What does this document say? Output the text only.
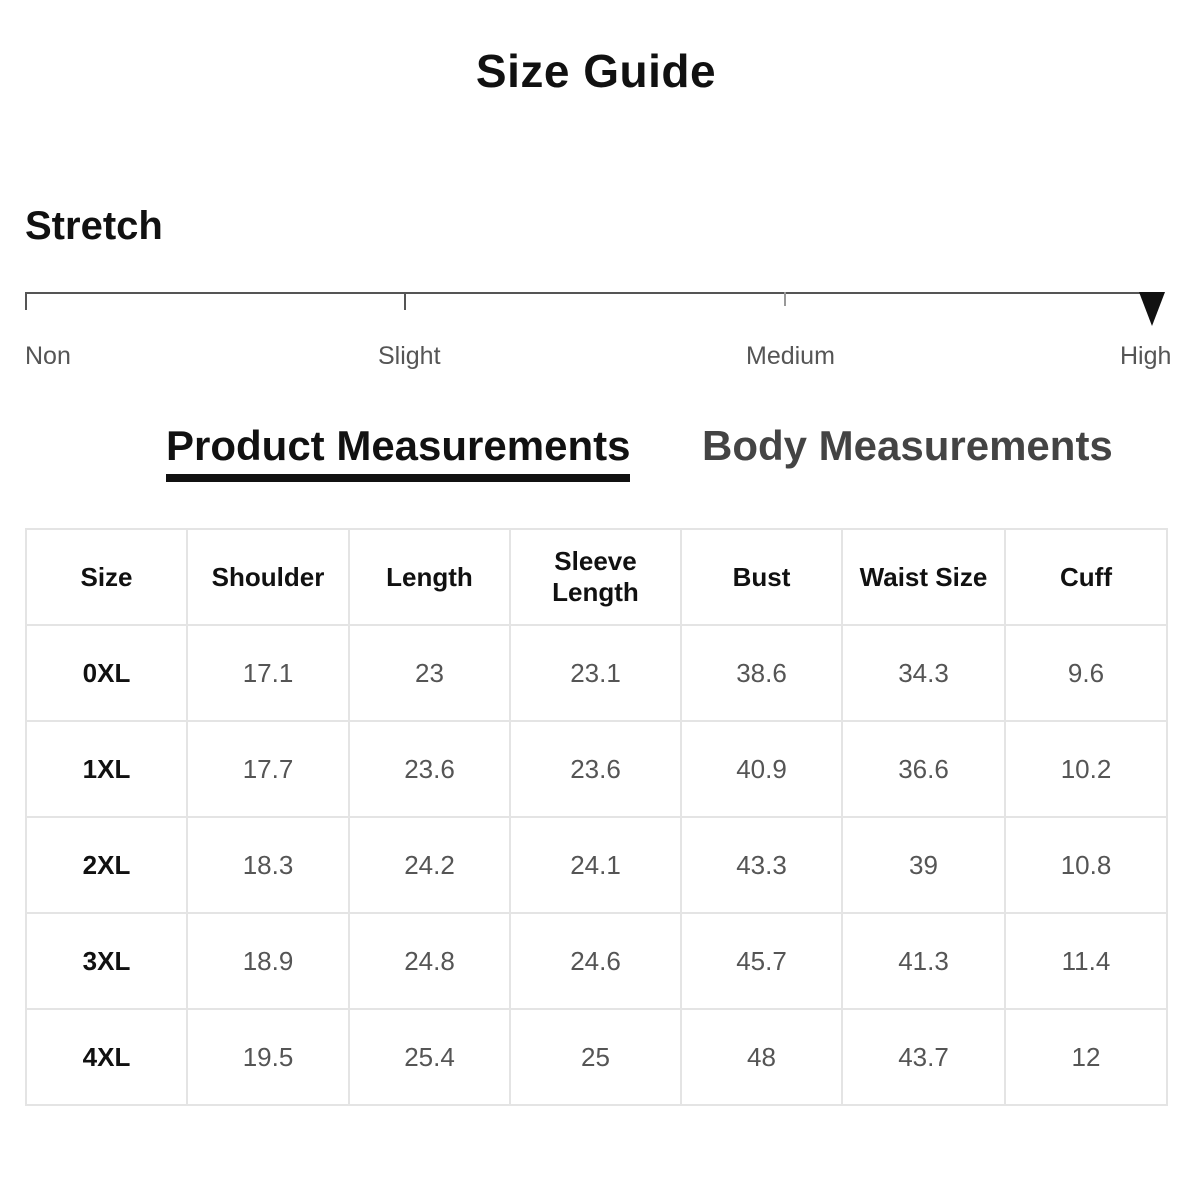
Size Guide
Stretch
Non	Slight	Medium	High
Product Measurements Body Measurements
Size	Shoulder	Length	Sleeve Length	Bust	Waist Size	Cuff
0XL	17.1	23	23.1	38.6	34.3	9.6
1XL	17.7	23.6	23.6	40.9	36.6	10.2
2XL	18.3	24.2	24.1	43.3	39	10.8
3XL	18.9	24.8	24.6	45.7	41.3	11.4
4XL	19.5	25.4	25	48	43.7	12
